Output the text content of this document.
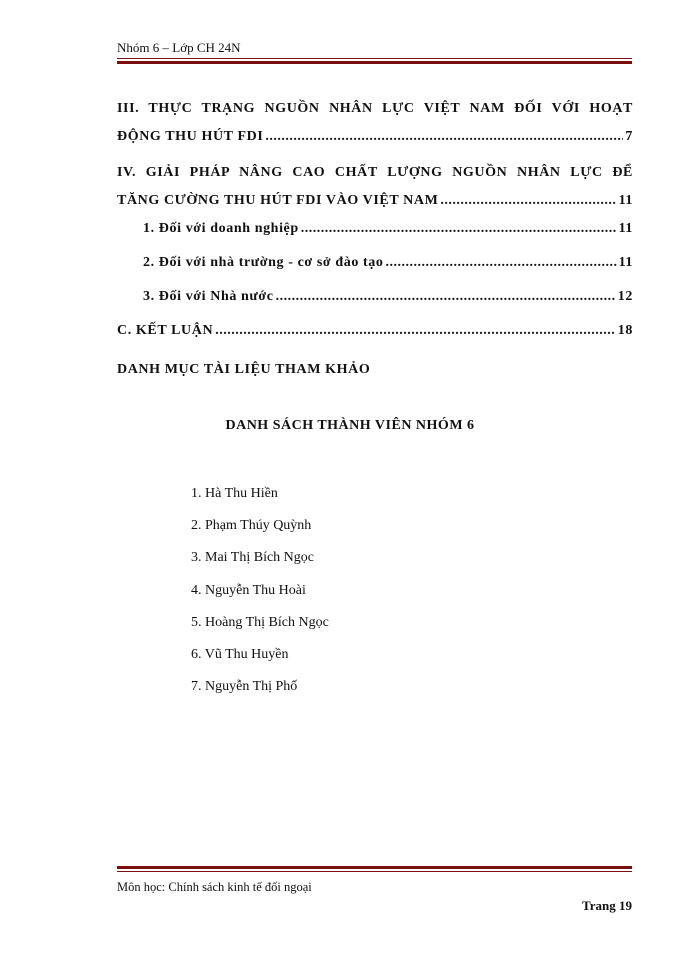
Nhóm 6 – Lớp CH 24N
III. THỰC TRẠNG NGUỒN NHÂN LỰC VIỆT NAM ĐỐI VỚI HOẠT
ĐỘNG THU HÚT FDI .....	7
IV. GIẢI PHÁP NÂNG CAO CHẤT LƯỢNG NGUỒN NHÂN LỰC ĐỂ
TĂNG CƯỜNG THU HÚT FDI VÀO VIỆT NAM .....	11
1. Đối với doanh nghiệp .....	11
2. Đối với nhà trường - cơ sở đào tạo .....	11
3. Đối với Nhà nước .....	12
C. KẾT LUẬN .....	18
DANH MỤC TÀI LIỆU THAM KHẢO
DANH SÁCH THÀNH VIÊN NHÓM 6
1. Hà Thu Hiền
2. Phạm Thúy Quỳnh
3. Mai Thị Bích Ngọc
4. Nguyễn Thu Hoài
5. Hoàng Thị Bích Ngọc
6. Vũ Thu Huyền
7. Nguyễn Thị Phố
Môn học: Chính sách kinh tế đối ngoại
Trang 19
